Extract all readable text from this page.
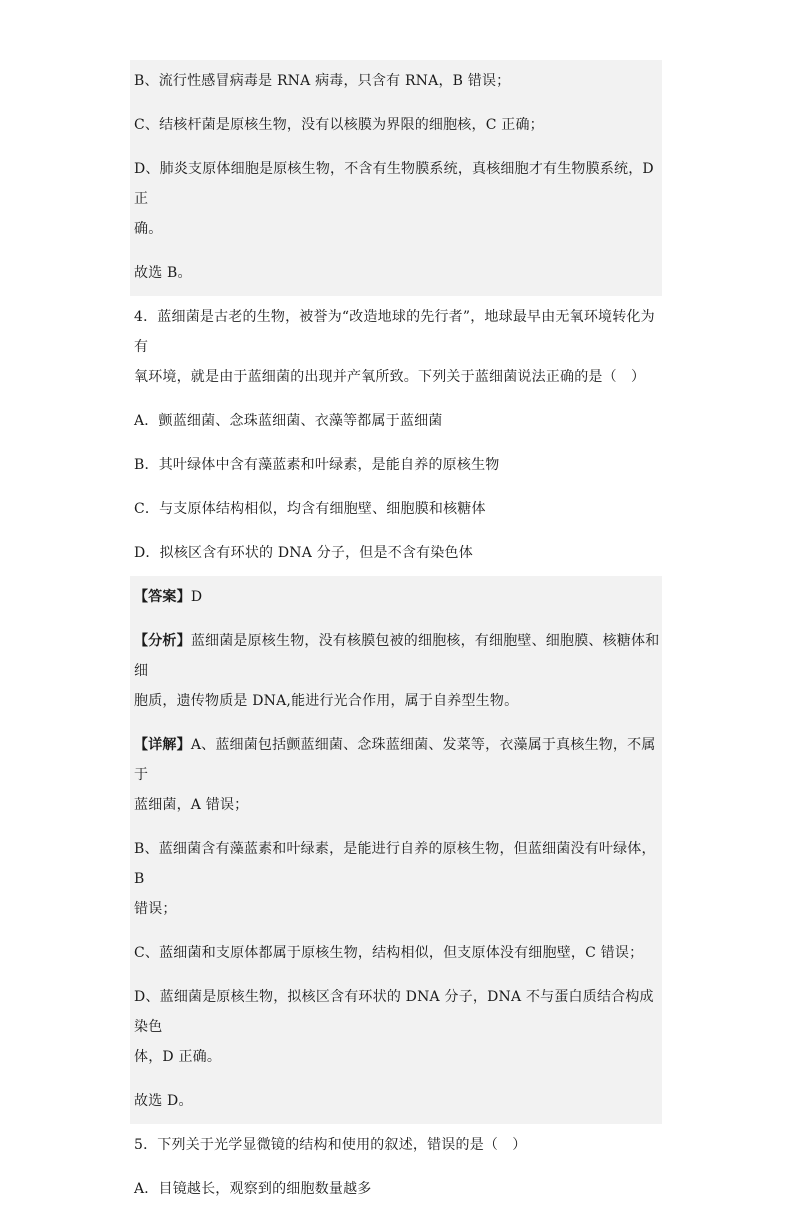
B、流行性感冒病毒是 RNA 病毒，只含有 RNA，B 错误；

C、结核杆菌是原核生物，没有以核膜为界限的细胞核，C 正确；

D、肺炎支原体细胞是原核生物，不含有生物膜系统，真核细胞才有生物膜系统，D 正
确。

故选 B。

4．蓝细菌是古老的生物，被誉为“改造地球的先行者”，地球最早由无氧环境转化为有
氧环境，就是由于蓝细菌的出现并产氧所致。下列关于蓝细菌说法正确的是（　）

A．颤蓝细菌、念珠蓝细菌、衣藻等都属于蓝细菌

B．其叶绿体中含有藻蓝素和叶绿素，是能自养的原核生物

C．与支原体结构相似，均含有细胞壁、细胞膜和核糖体

D．拟核区含有环状的 DNA 分子，但是不含有染色体

【答案】D

【分析】蓝细菌是原核生物，没有核膜包被的细胞核，有细胞壁、细胞膜、核糖体和细
胞质，遗传物质是 DNA,能进行光合作用，属于自养型生物。

【详解】A、蓝细菌包括颤蓝细菌、念珠蓝细菌、发菜等，衣藻属于真核生物，不属于
蓝细菌，A 错误；

B、蓝细菌含有藻蓝素和叶绿素，是能进行自养的原核生物，但蓝细菌没有叶绿体，B
错误；

C、蓝细菌和支原体都属于原核生物，结构相似，但支原体没有细胞壁，C 错误；

D、蓝细菌是原核生物，拟核区含有环状的 DNA 分子，DNA 不与蛋白质结合构成染色
体，D 正确。

故选 D。

5．下列关于光学显微镜的结构和使用的叙述，错误的是（　）

A．目镜越长，观察到的细胞数量越多
